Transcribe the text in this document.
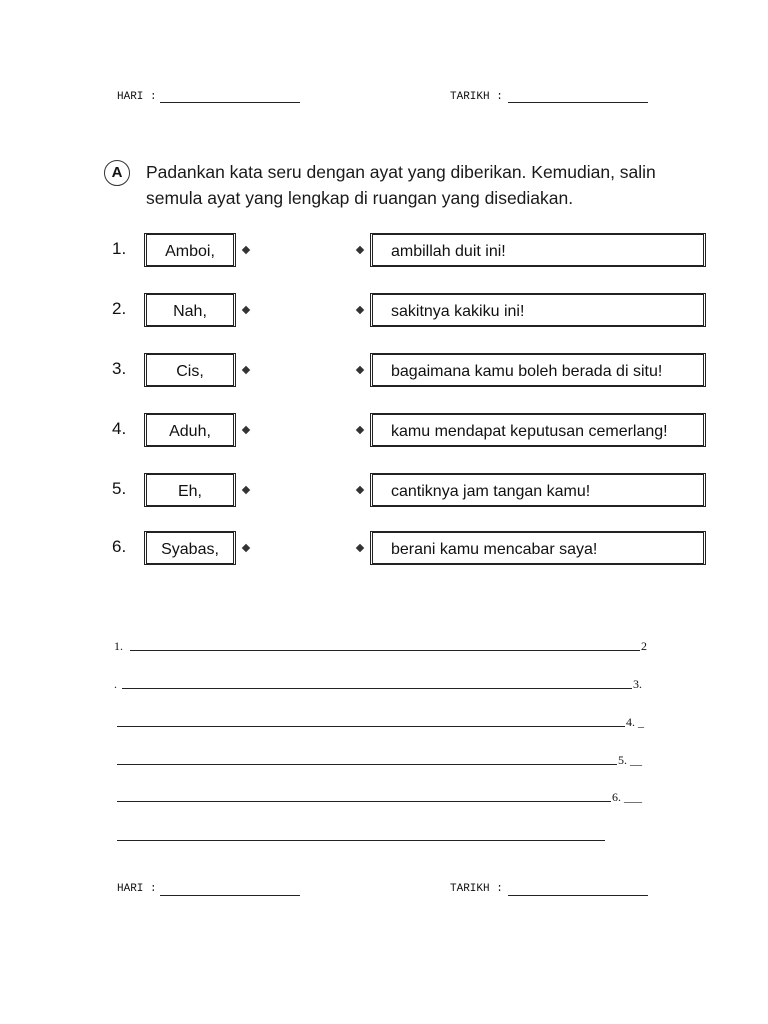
HARI :	TARIKH :
A	Padankan kata seru dengan ayat yang diberikan. Kemudian, salin
semula ayat yang lengkap di ruangan yang disediakan.
1.	Amboi,	ambillah duit ini!
2.	Nah,	sakitnya kakiku ini!
3.	Cis,	bagaimana kamu boleh berada di situ!
4.	Aduh,	kamu mendapat keputusan cemerlang!
5.	Eh,	cantiknya jam tangan kamu!
6.	Syabas,	berani kamu mencabar saya!
1.	2
.	3.
4. _
5. __
6. ___
HARI :	TARIKH :
